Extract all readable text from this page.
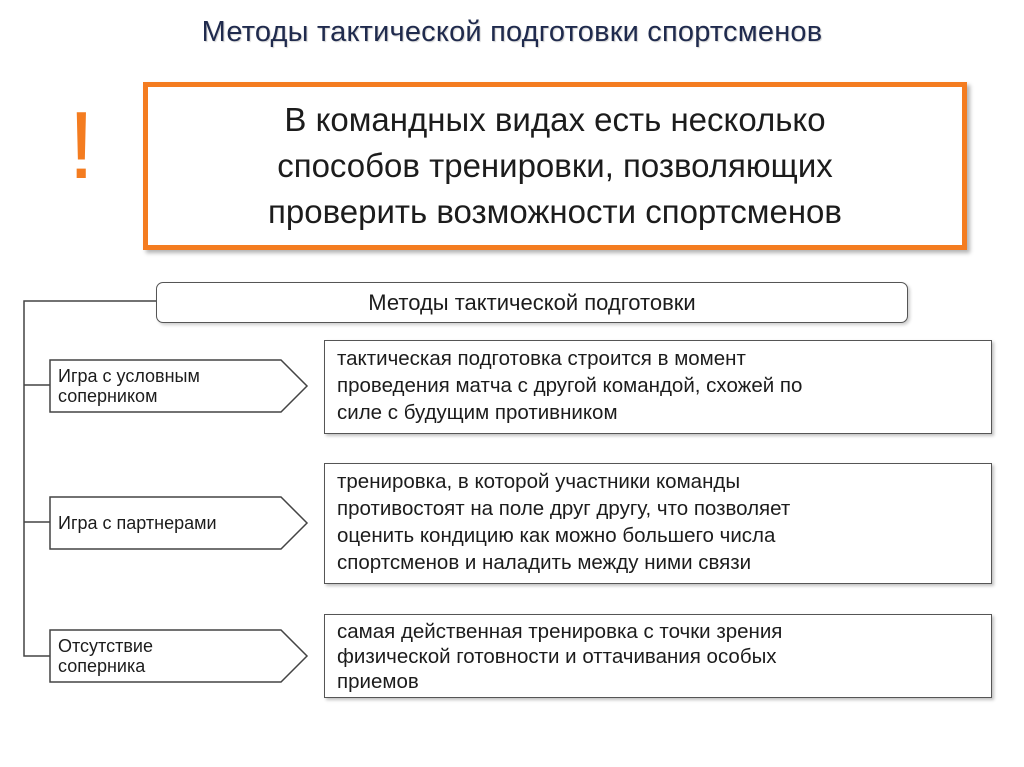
Методы тактической подготовки спортсменов
!	В командных видах есть несколько
способов тренировки, позволяющих
проверить возможности спортсменов
Методы тактической подготовки
Игра с условным
соперником
Игра с партнерами
Отсутствие
соперника
тактическая подготовка строится в момент
проведения матча с другой командой, схожей по
силе с будущим противником
тренировка, в которой участники команды
противостоят на поле друг другу, что позволяет
оценить кондицию как можно большего числа
спортсменов и наладить между ними связи
самая действенная тренировка с точки зрения
физической готовности и оттачивания особых
приемов
